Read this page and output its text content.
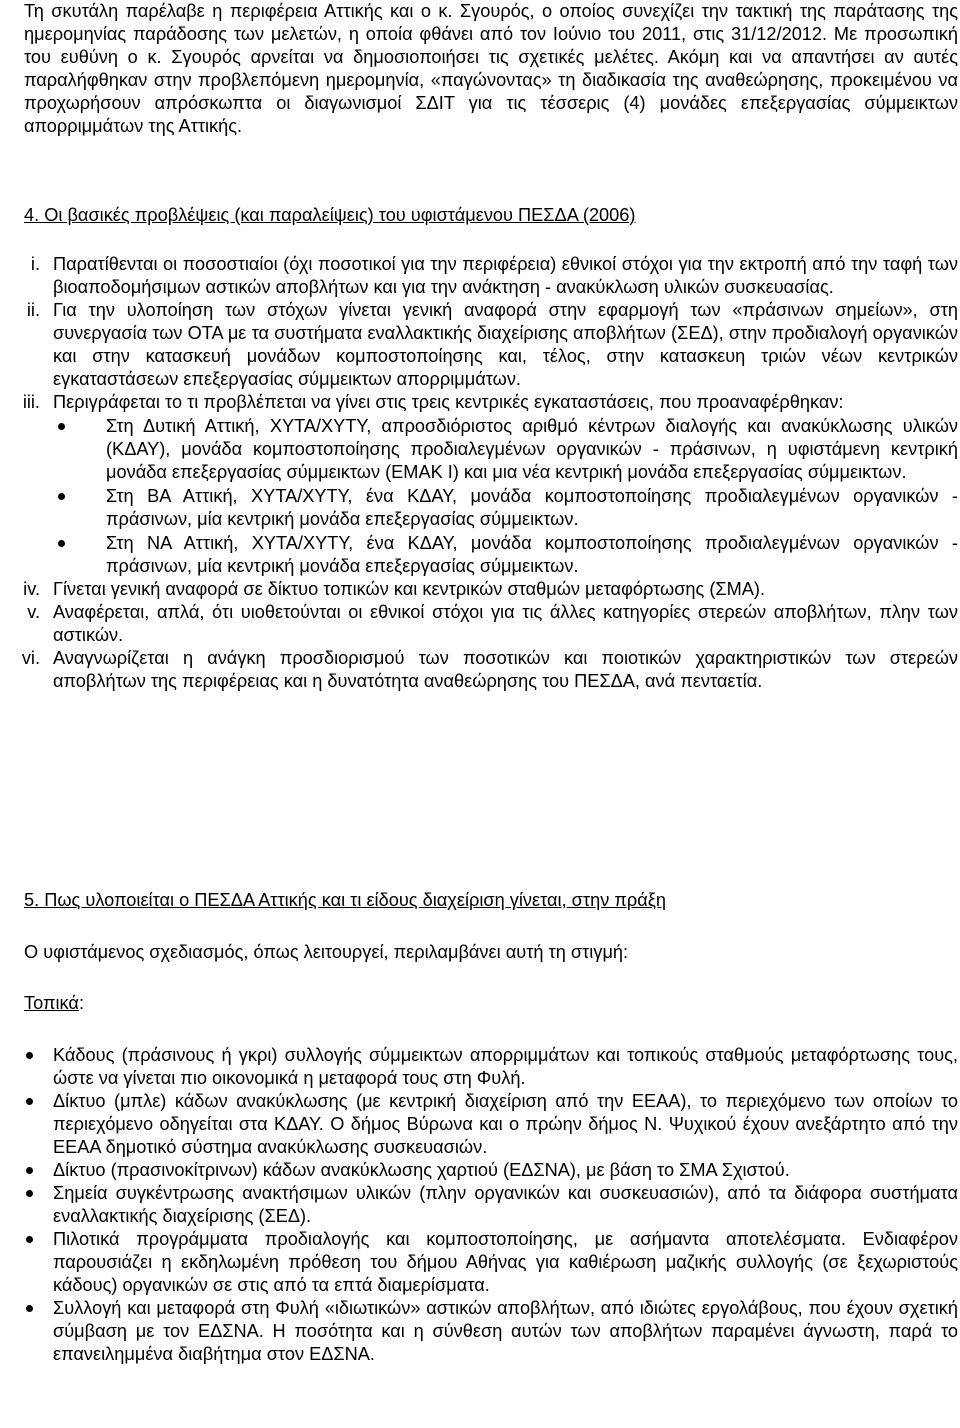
Τη σκυτάλη παρέλαβε η περιφέρεια Αττικής και ο κ. Σγουρός, ο οποίος συνεχίζει την τακτική της παράτασης της ημερομηνίας παράδοσης των μελετών, η οποία φθάνει από τον Ιούνιο του 2011, στις 31/12/2012. Με προσωπική του ευθύνη ο κ. Σγουρός αρνείται να δημοσιοποιήσει τις σχετικές μελέτες. Ακόμη και να απαντήσει αν αυτές παραλήφθηκαν στην προβλεπόμενη ημερομηνία, «παγώνοντας» τη διαδικασία της αναθεώρησης, προκειμένου να προχωρήσουν απρόσκωπτα οι διαγωνισμοί ΣΔΙΤ για τις τέσσερις (4) μονάδες επεξεργασίας σύμμεικτων απορριμμάτων της Αττικής.

4. Οι βασικές προβλέψεις (και παραλείψεις) του υφιστάμενου ΠΕΣΔΑ (2006)

i. Παρατίθενται οι ποσοστιαίοι (όχι ποσοτικοί για την περιφέρεια) εθνικοί στόχοι για την εκτροπή από την ταφή των βιοαποδομήσιμων αστικών αποβλήτων και για την ανάκτηση - ανακύκλωση υλικών συσκευασίας.
ii. Για την υλοποίηση των στόχων γίνεται γενική αναφορά στην εφαρμογή των «πράσινων σημείων», στη συνεργασία των ΟΤΑ με τα συστήματα εναλλακτικής διαχείρισης αποβλήτων (ΣΕΔ), στην προδιαλογή οργανικών και στην κατασκευή μονάδων κομποστοποίησης και, τέλος, στην κατασκευη τριών νέων κεντρικών εγκαταστάσεων επεξεργασίας σύμμεικτων απορριμμάτων.
iii. Περιγράφεται το τι προβλέπεται να γίνει στις τρεις κεντρικές εγκαταστάσεις, που προαναφέρθηκαν:
Στη Δυτική Αττική, ΧΥΤΑ/ΧΥΤΥ, απροσδιόριστος αριθμό κέντρων διαλογής και ανακύκλωσης υλικών (ΚΔΑΥ), μονάδα κομποστοποίησης προδιαλεγμένων οργανικών - πράσινων, η υφιστάμενη κεντρική μονάδα επεξεργασίας σύμμεικτων (ΕΜΑΚ Ι) και μια νέα κεντρική μονάδα επεξεργασίας σύμμεικτων.
Στη ΒΑ Αττική, ΧΥΤΑ/ΧΥΤΥ, ένα ΚΔΑΥ, μονάδα κομποστοποίησης προδιαλεγμένων οργανικών - πράσινων, μία κεντρική μονάδα επεξεργασίας σύμμεικτων.
Στη ΝΑ Αττική, ΧΥΤΑ/ΧΥΤΥ, ένα ΚΔΑΥ, μονάδα κομποστοποίησης προδιαλεγμένων οργανικών - πράσινων, μία κεντρική μονάδα επεξεργασίας σύμμεικτων.
iv. Γίνεται γενική αναφορά σε δίκτυο τοπικών και κεντρικών σταθμών μεταφόρτωσης (ΣΜΑ).
v. Αναφέρεται, απλά, ότι υιοθετούνται οι εθνικοί στόχοι για τις άλλες κατηγορίες στερεών αποβλήτων, πλην των αστικών.
vi. Αναγνωρίζεται η ανάγκη προσδιορισμού των ποσοτικών και ποιοτικών χαρακτηριστικών των στερεών αποβλήτων της περιφέρειας και η δυνατότητα αναθεώρησης του ΠΕΣΔΑ, ανά πενταετία.

5. Πως υλοποιείται ο ΠΕΣΔΑ Αττικής και τι είδους διαχείριση γίνεται, στην πράξη

Ο υφιστάμενος σχεδιασμός, όπως λειτουργεί, περιλαμβάνει αυτή τη στιγμή:

Τοπικά:

Κάδους (πράσινους ή γκρι) συλλογής σύμμεικτων απορριμμάτων και τοπικούς σταθμούς μεταφόρτωσης τους, ώστε να γίνεται πιο οικονομικά η μεταφορά τους στη Φυλή.
Δίκτυο (μπλε) κάδων ανακύκλωσης (με κεντρική διαχείριση από την ΕΕΑΑ), το περιεχόμενο των οποίων το περιεχόμενο οδηγείται στα ΚΔΑΥ. Ο δήμος Βύρωνα και ο πρώην δήμος Ν. Ψυχικού έχουν ανεξάρτητο από την ΕΕΑΑ δημοτικό σύστημα ανακύκλωσης συσκευασιών.
Δίκτυο (πρασινοκίτρινων) κάδων ανακύκλωσης χαρτιού (ΕΔΣΝΑ), με βάση το ΣΜΑ Σχιστού.
Σημεία συγκέντρωσης ανακτήσιμων υλικών (πλην οργανικών και συσκευασιών), από τα διάφορα συστήματα εναλλακτικής διαχείρισης (ΣΕΔ).
Πιλοτικά προγράμματα προδιαλογής και κομποστοποίησης, με ασήμαντα αποτελέσματα. Ενδιαφέρον παρουσιάζει η εκδηλωμένη πρόθεση του δήμου Αθήνας για καθιέρωση μαζικής συλλογής (σε ξεχωριστούς κάδους) οργανικών σε στις από τα επτά διαμερίσματα.
Συλλογή και μεταφορά στη Φυλή «ιδιωτικών» αστικών αποβλήτων, από ιδιώτες εργολάβους, που έχουν σχετική σύμβαση με τον ΕΔΣΝΑ. Η ποσότητα και η σύνθεση αυτών των αποβλήτων παραμένει άγνωστη, παρά το επανειλημμένα διαβήτημα στον ΕΔΣΝΑ.
